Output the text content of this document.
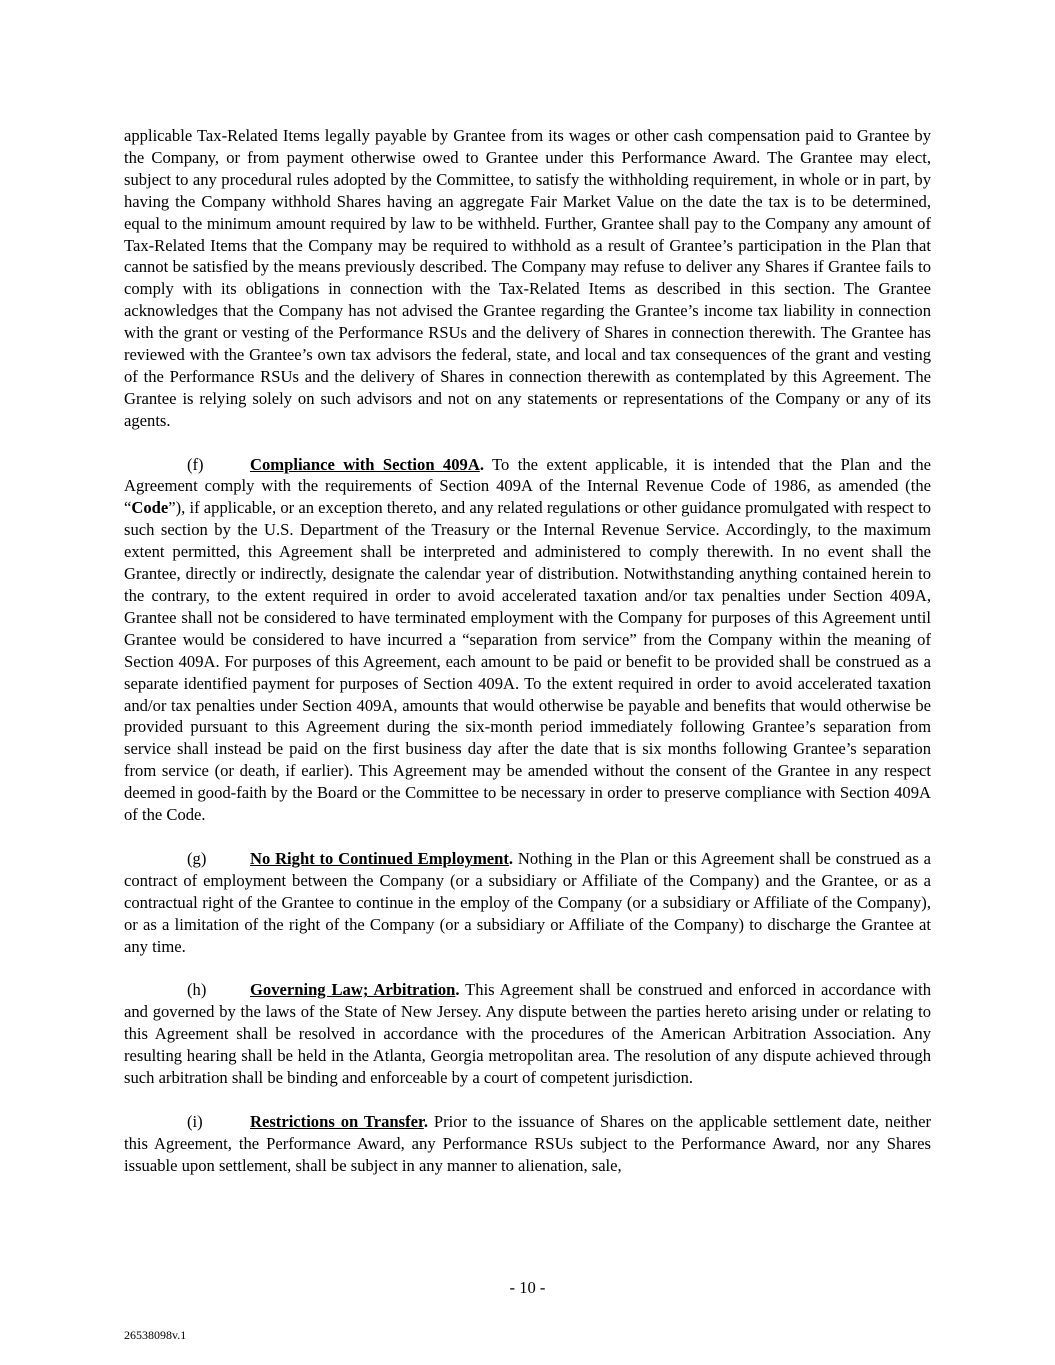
applicable Tax-Related Items legally payable by Grantee from its wages or other cash compensation paid to Grantee by the Company, or from payment otherwise owed to Grantee under this Performance Award. The Grantee may elect, subject to any procedural rules adopted by the Committee, to satisfy the withholding requirement, in whole or in part, by having the Company withhold Shares having an aggregate Fair Market Value on the date the tax is to be determined, equal to the minimum amount required by law to be withheld. Further, Grantee shall pay to the Company any amount of Tax-Related Items that the Company may be required to withhold as a result of Grantee’s participation in the Plan that cannot be satisfied by the means previously described. The Company may refuse to deliver any Shares if Grantee fails to comply with its obligations in connection with the Tax-Related Items as described in this section. The Grantee acknowledges that the Company has not advised the Grantee regarding the Grantee’s income tax liability in connection with the grant or vesting of the Performance RSUs and the delivery of Shares in connection therewith. The Grantee has reviewed with the Grantee’s own tax advisors the federal, state, and local and tax consequences of the grant and vesting of the Performance RSUs and the delivery of Shares in connection therewith as contemplated by this Agreement. The Grantee is relying solely on such advisors and not on any statements or representations of the Company or any of its agents.

(f)	Compliance with Section 409A. To the extent applicable, it is intended that the Plan and the Agreement comply with the requirements of Section 409A of the Internal Revenue Code of 1986, as amended (the “Code”), if applicable, or an exception thereto, and any related regulations or other guidance promulgated with respect to such section by the U.S. Department of the Treasury or the Internal Revenue Service. Accordingly, to the maximum extent permitted, this Agreement shall be interpreted and administered to comply therewith. In no event shall the Grantee, directly or indirectly, designate the calendar year of distribution. Notwithstanding anything contained herein to the contrary, to the extent required in order to avoid accelerated taxation and/or tax penalties under Section 409A, Grantee shall not be considered to have terminated employment with the Company for purposes of this Agreement until Grantee would be considered to have incurred a “separation from service” from the Company within the meaning of Section 409A. For purposes of this Agreement, each amount to be paid or benefit to be provided shall be construed as a separate identified payment for purposes of Section 409A. To the extent required in order to avoid accelerated taxation and/or tax penalties under Section 409A, amounts that would otherwise be payable and benefits that would otherwise be provided pursuant to this Agreement during the six-month period immediately following Grantee’s separation from service shall instead be paid on the first business day after the date that is six months following Grantee’s separation from service (or death, if earlier). This Agreement may be amended without the consent of the Grantee in any respect deemed in good-faith by the Board or the Committee to be necessary in order to preserve compliance with Section 409A of the Code.

(g)	No Right to Continued Employment. Nothing in the Plan or this Agreement shall be construed as a contract of employment between the Company (or a subsidiary or Affiliate of the Company) and the Grantee, or as a contractual right of the Grantee to continue in the employ of the Company (or a subsidiary or Affiliate of the Company), or as a limitation of the right of the Company (or a subsidiary or Affiliate of the Company) to discharge the Grantee at any time.

(h)	Governing Law; Arbitration. This Agreement shall be construed and enforced in accordance with and governed by the laws of the State of New Jersey. Any dispute between the parties hereto arising under or relating to this Agreement shall be resolved in accordance with the procedures of the American Arbitration Association. Any resulting hearing shall be held in the Atlanta, Georgia metropolitan area. The resolution of any dispute achieved through such arbitration shall be binding and enforceable by a court of competent jurisdiction.

(i)	Restrictions on Transfer. Prior to the issuance of Shares on the applicable settlement date, neither this Agreement, the Performance Award, any Performance RSUs subject to the Performance Award, nor any Shares issuable upon settlement, shall be subject in any manner to alienation, sale,

- 10 -
26538098v.1
